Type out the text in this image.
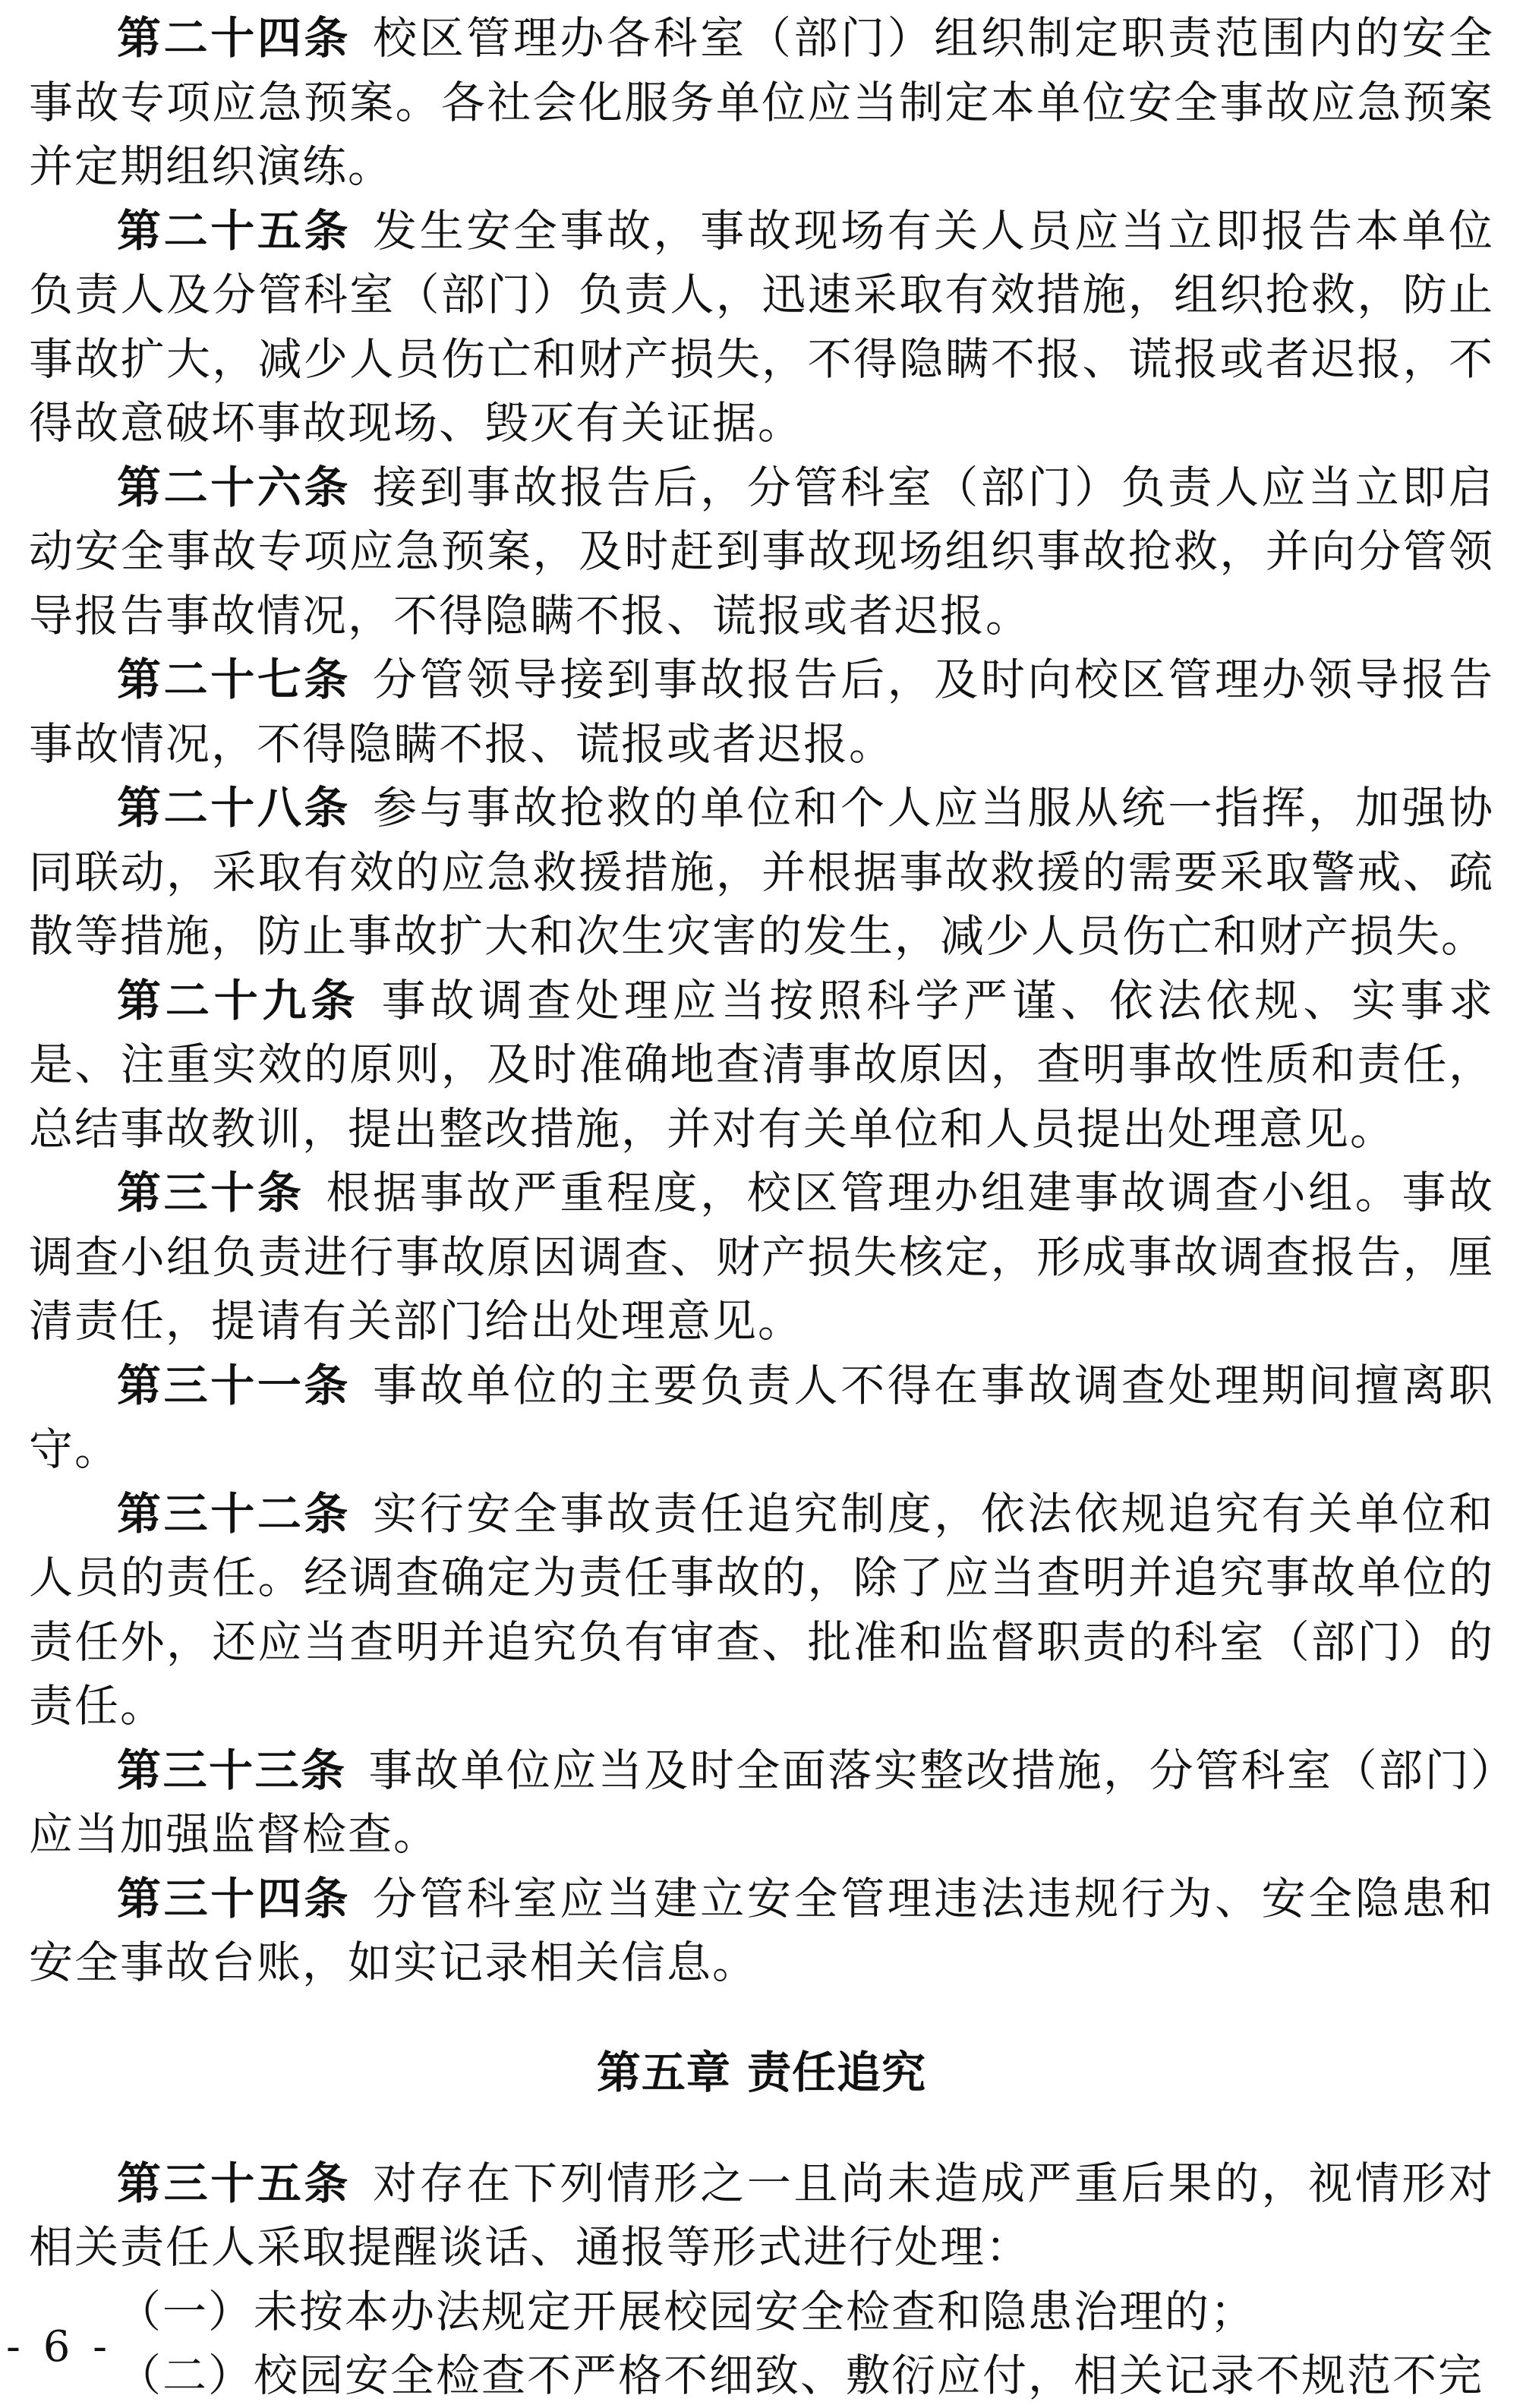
第二十四条 校区管理办各科室（部门）组织制定职责范围内的安全事故专项应急预案。各社会化服务单位应当制定本单位安全事故应急预案并定期组织演练。

第二十五条 发生安全事故，事故现场有关人员应当立即报告本单位负责人及分管科室（部门）负责人，迅速采取有效措施，组织抢救，防止事故扩大，减少人员伤亡和财产损失，不得隐瞒不报、谎报或者迟报，不得故意破坏事故现场、毁灭有关证据。

第二十六条 接到事故报告后，分管科室（部门）负责人应当立即启动安全事故专项应急预案，及时赶到事故现场组织事故抢救，并向分管领导报告事故情况，不得隐瞒不报、谎报或者迟报。

第二十七条 分管领导接到事故报告后，及时向校区管理办领导报告事故情况，不得隐瞒不报、谎报或者迟报。

第二十八条 参与事故抢救的单位和个人应当服从统一指挥，加强协同联动，采取有效的应急救援措施，并根据事故救援的需要采取警戒、疏散等措施，防止事故扩大和次生灾害的发生，减少人员伤亡和财产损失。

第二十九条 事故调查处理应当按照科学严谨、依法依规、实事求是、注重实效的原则，及时准确地查清事故原因，查明事故性质和责任，总结事故教训，提出整改措施，并对有关单位和人员提出处理意见。

第三十条 根据事故严重程度，校区管理办组建事故调查小组。事故调查小组负责进行事故原因调查、财产损失核定，形成事故调查报告，厘清责任，提请有关部门给出处理意见。

第三十一条 事故单位的主要负责人不得在事故调查处理期间擅离职守。

第三十二条 实行安全事故责任追究制度，依法依规追究有关单位和人员的责任。经调查确定为责任事故的，除了应当查明并追究事故单位的责任外，还应当查明并追究负有审查、批准和监督职责的科室（部门）的责任。

第三十三条 事故单位应当及时全面落实整改措施，分管科室（部门）应当加强监督检查。

第三十四条 分管科室应当建立安全管理违法违规行为、安全隐患和安全事故台账，如实记录相关信息。

第五章 责任追究

第三十五条 对存在下列情形之一且尚未造成严重后果的，视情形对相关责任人采取提醒谈话、通报等形式进行处理：

（一）未按本办法规定开展校园安全检查和隐患治理的；

（二）校园安全检查不严格不细致、敷衍应付，相关记录不规范不完

- 6 -
